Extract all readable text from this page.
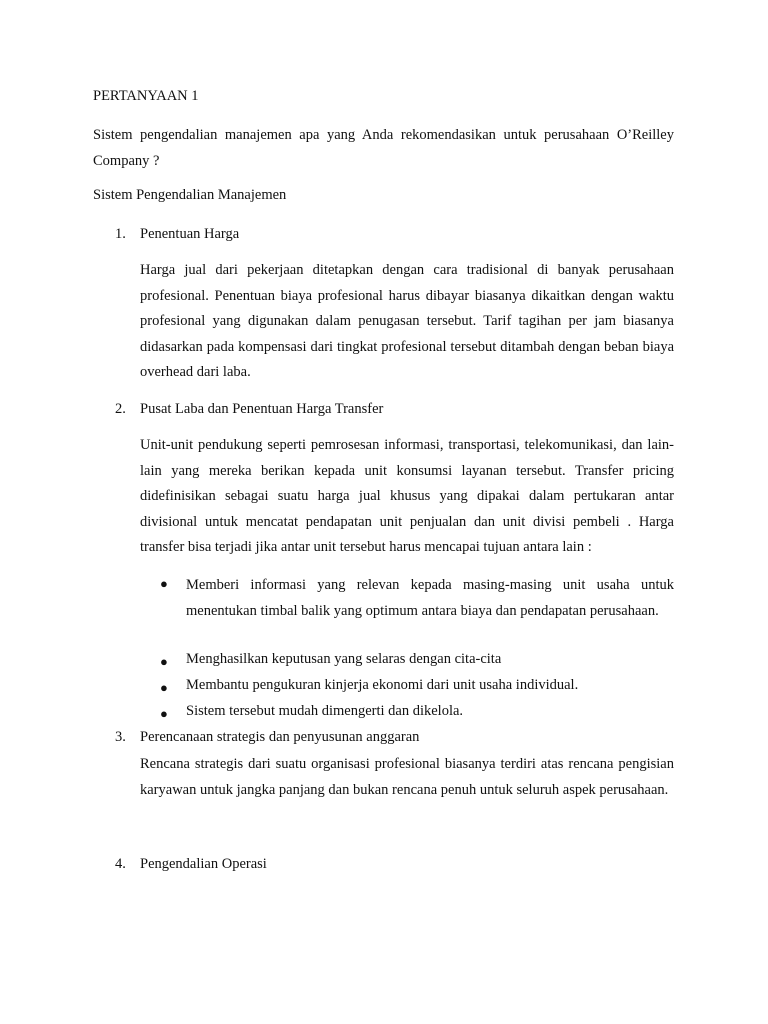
PERTANYAAN 1

Sistem pengendalian manajemen apa yang Anda rekomendasikan untuk perusahaan O’Reilley Company ?

Sistem Pengendalian Manajemen

1. Penentuan Harga

Harga jual dari pekerjaan ditetapkan dengan cara tradisional di banyak perusahaan profesional. Penentuan biaya profesional harus dibayar biasanya dikaitkan dengan waktu profesional yang digunakan dalam penugasan tersebut. Tarif tagihan per jam biasanya didasarkan pada kompensasi dari tingkat profesional tersebut ditambah dengan beban biaya overhead dari laba.

2. Pusat Laba dan Penentuan Harga Transfer

Unit-unit pendukung seperti pemrosesan informasi, transportasi, telekomunikasi, dan lain-lain yang mereka berikan kepada unit konsumsi layanan tersebut. Transfer pricing didefinisikan sebagai suatu harga jual khusus yang dipakai dalam pertukaran antar divisional untuk mencatat pendapatan unit penjualan dan unit divisi pembeli . Harga transfer bisa terjadi jika antar unit tersebut harus mencapai tujuan antara lain :

● Memberi informasi yang relevan kepada masing-masing unit usaha untuk menentukan timbal balik yang optimum antara biaya dan pendapatan perusahaan.

● Menghasilkan keputusan yang selaras dengan cita-cita

● Membantu pengukuran kinjerja ekonomi dari unit usaha individual.

● Sistem tersebut mudah dimengerti dan dikelola.

3. Perencanaan strategis dan penyusunan anggaran

Rencana strategis dari suatu organisasi profesional biasanya terdiri atas rencana pengisian karyawan untuk jangka panjang dan bukan rencana penuh untuk seluruh aspek perusahaan.

4. Pengendalian Operasi
